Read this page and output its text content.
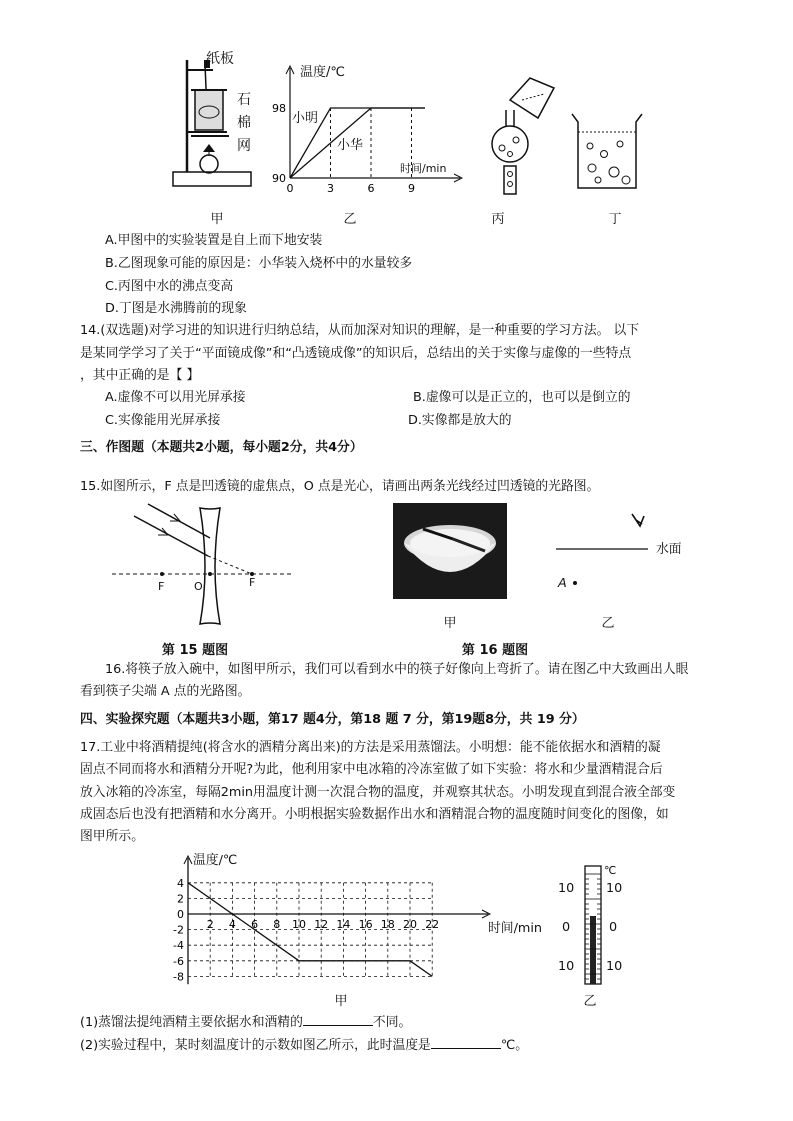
纸板
石
棉
网
甲
0	3	6	9
90
98
温度/℃
时间/min
小明
小华
乙	丙	丁
A.甲图中的实验装置是自上而下地安装
B.乙图现象可能的原因是：小华装入烧杯中的水量较多
C.丙图中水的沸点变高
D.丁图是水沸腾前的现象
14.(双选题)对学习进的知识进行归纳总结，从而加深对知识的理解，是一种重要的学习方法。 以下
是某同学学习了关于“平面镜成像”和“凸透镜成像”的知识后，总结出的关于实像与虚像的一些特点
，其中正确的是【 】
A.虚像不可以用光屏承接	B.虚像可以是正立的，也可以是倒立的
C.实像能用光屏承接	D.实像都是放大的
三、作图题（本题共2小题，每小题2分，共4分）
15.如图所示，F 点是凹透镜的虚焦点，O 点是光心，请画出两条光线经过凹透镜的光路图。
F	O	F
第 15 题图
甲
水面
A
乙
第 16 题图
16.将筷子放入碗中，如图甲所示，我们可以看到水中的筷子好像向上弯折了。请在图乙中大致画出人眼
看到筷子尖端 A 点的光路图。
四、实验探究题（本题共3小题，第17 题4分，第18 题 7 分，第19题8分，共 19 分）
17.工业中将酒精提纯(将含水的酒精分离出来)的方法是采用蒸馏法。小明想：能不能依据水和酒精的凝
固点不同而将水和酒精分开呢?为此，他利用家中电冰箱的冷冻室做了如下实验：将水和少量酒精混合后
放入冰箱的冷冻室，每隔2min用温度计测一次混合物的温度，并观察其状态。小明发现直到混合液全部变
成固态后也没有把酒精和水分离开。小明根据实验数据作出水和酒精混合物的温度随时间变化的图像，如
图甲所示。
2 4 6 8 10 12 14 16 18 20 22
4
2
0
-2
-4
-6
-8
温度/℃
时间/min
甲
℃
10
0
10
10
0
10
乙
(1)蒸馏法提纯酒精主要依据水和酒精的	不同。
(2)实验过程中，某时刻温度计的示数如图乙所示，此时温度是	℃。
